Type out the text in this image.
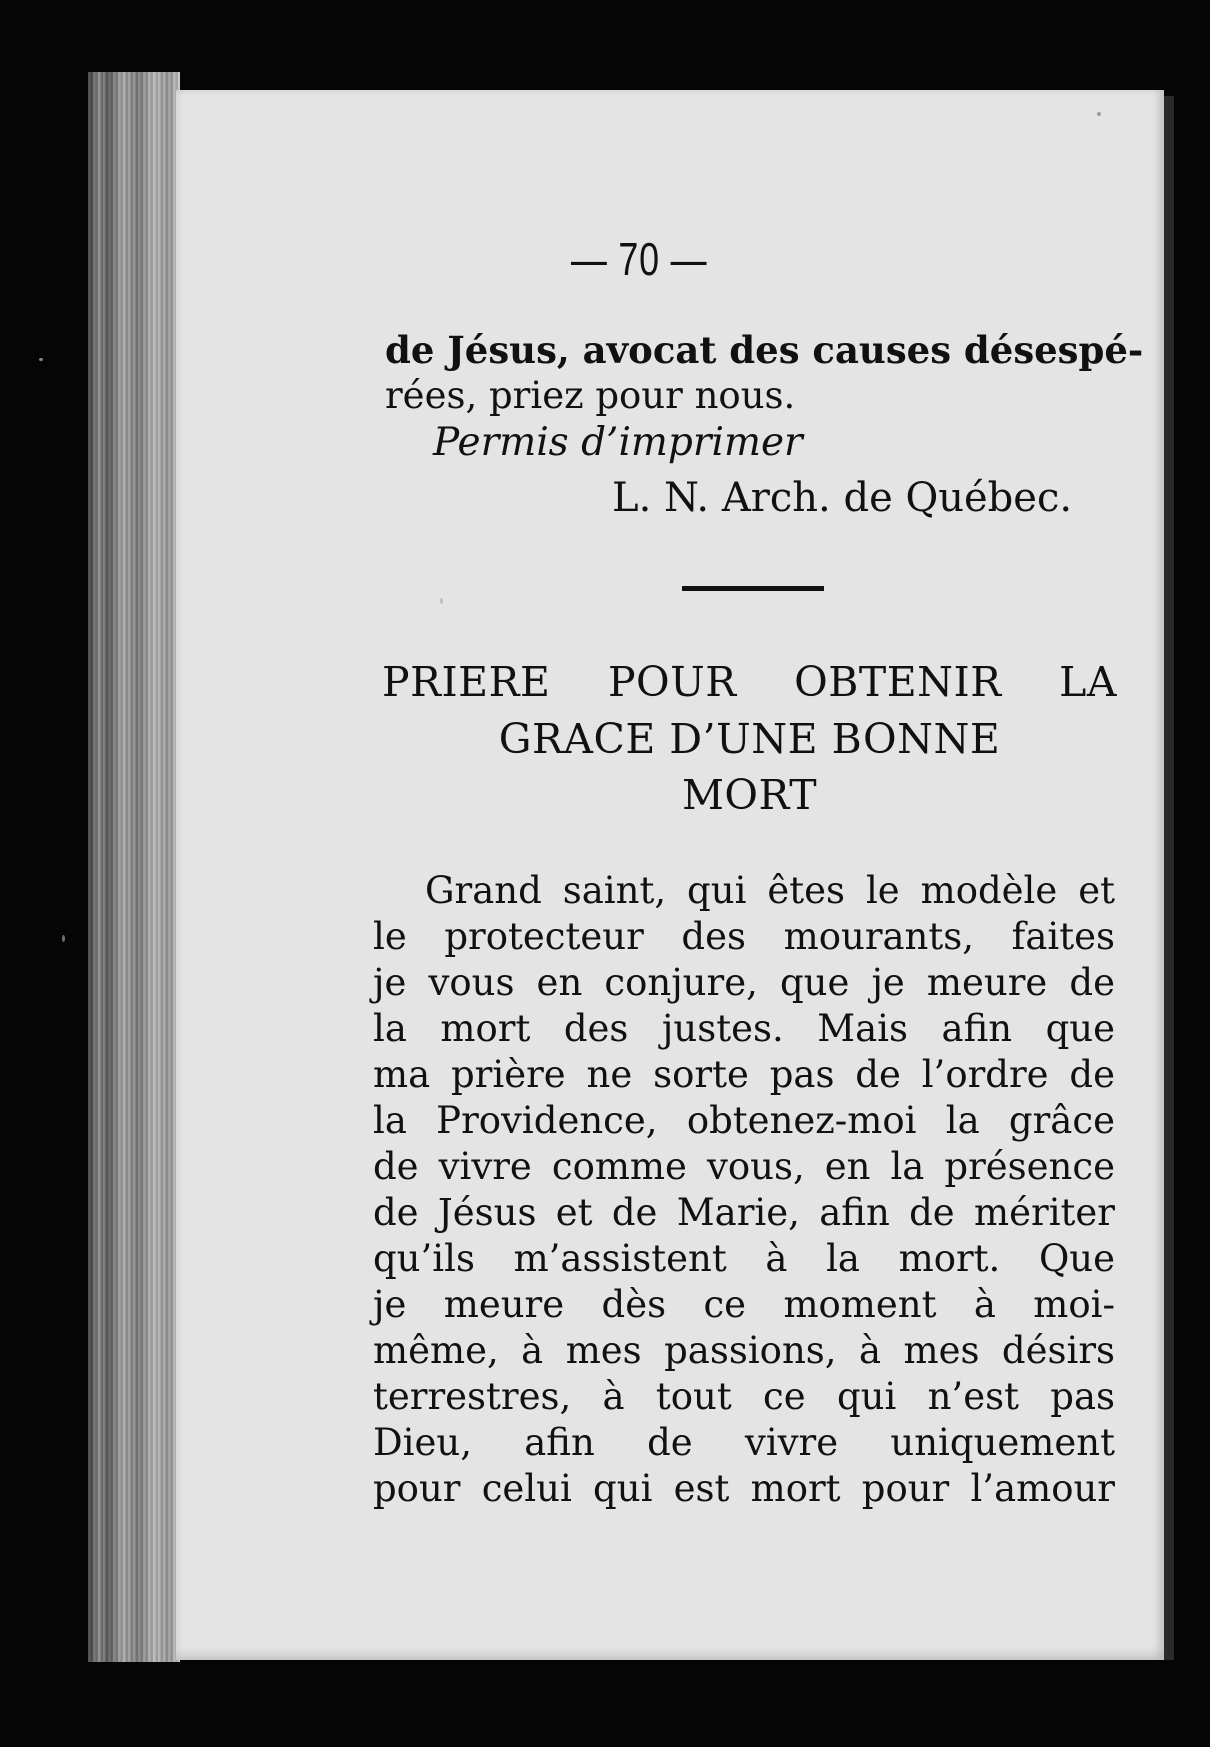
— 70 —
de Jésus, avocat des causes désespé-
rées, priez pour nous.
Permis d’imprimer
L. N. Arch. de Québec.
PRIERE POUR OBTENIR LA
GRACE D’UNE BONNE
MORT
Grand saint, qui êtes le modèle et
le protecteur des mourants, faites
je vous en conjure, que je meure de
la mort des justes. Mais afin que
ma prière ne sorte pas de l’ordre de
la Providence, obtenez-moi la grâce
de vivre comme vous, en la présence
de Jésus et de Marie, afin de mériter
qu’ils m’assistent à la mort. Que
je meure dès ce moment à moi-
même, à mes passions, à mes désirs
terrestres, à tout ce qui n’est pas
Dieu, afin de vivre uniquement
pour celui qui est mort pour l’amour
